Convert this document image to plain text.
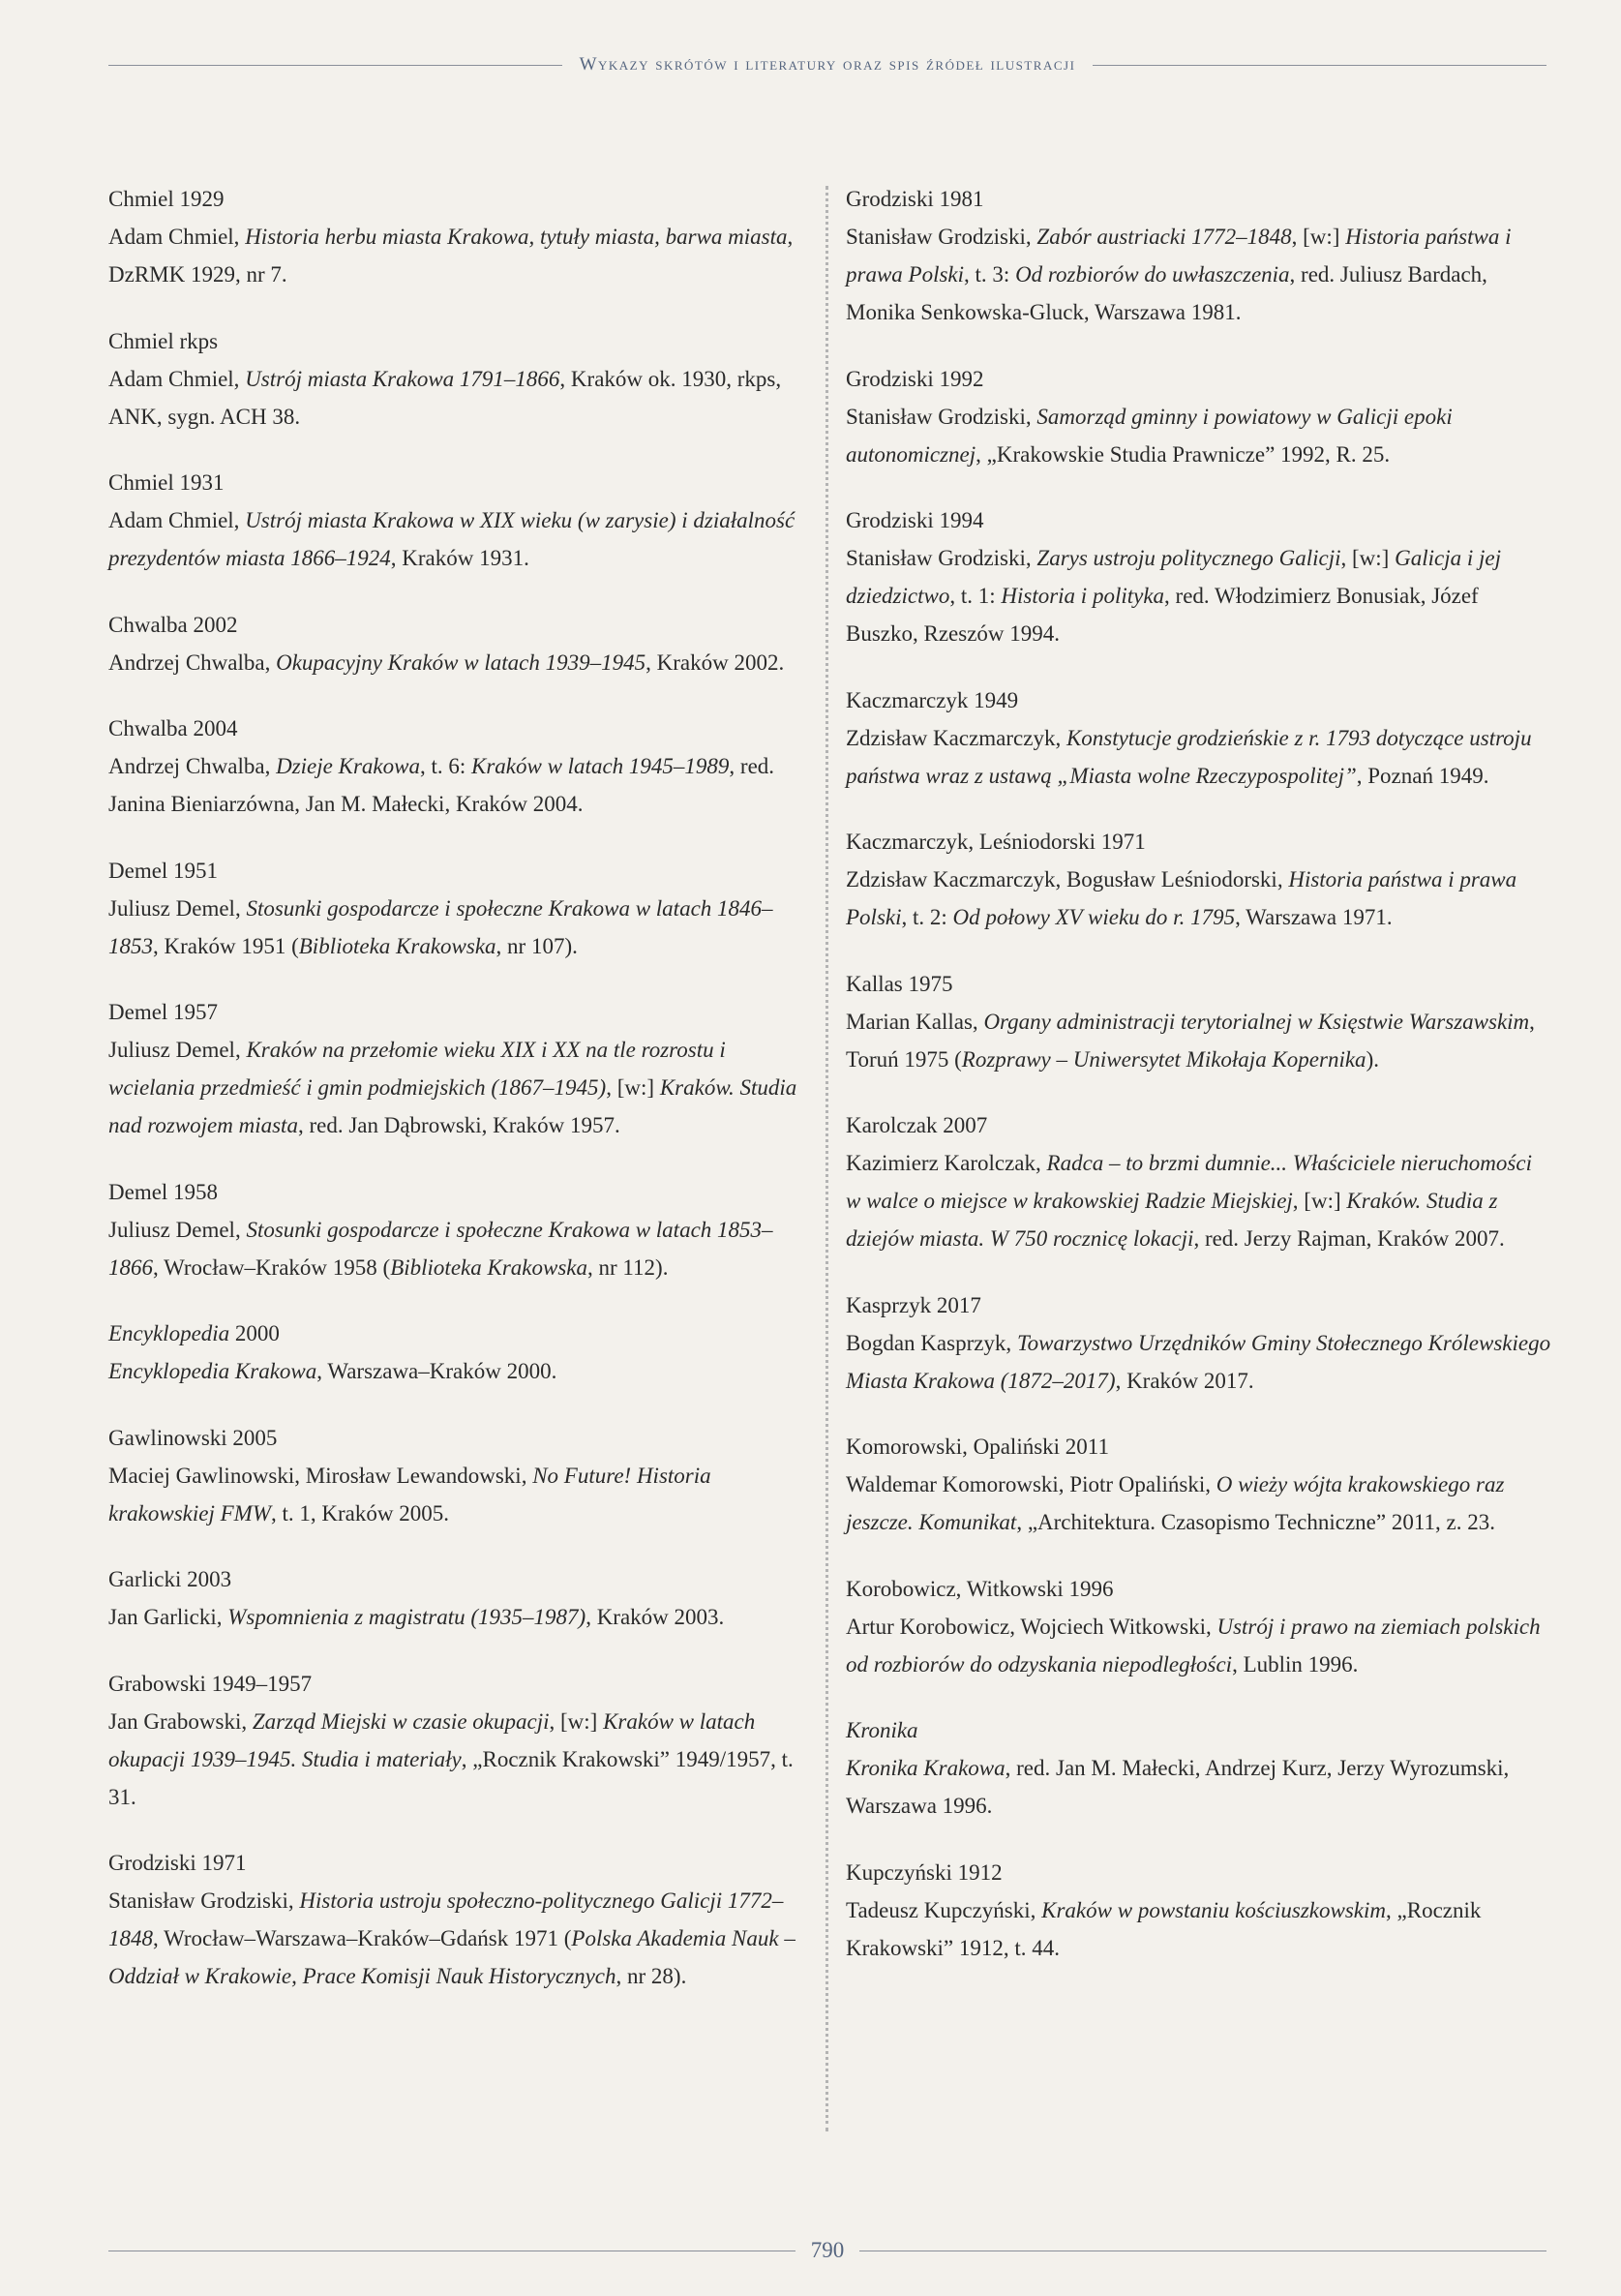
Wykazy skrótów i literatury oraz spis źródeł ilustracji
Chmiel 1929
Adam Chmiel, Historia herbu miasta Krakowa, tytuły miasta, barwa miasta, DzRMK 1929, nr 7.
Chmiel rkps
Adam Chmiel, Ustrój miasta Krakowa 1791–1866, Kraków ok. 1930, rkps, ANK, sygn. ACH 38.
Chmiel 1931
Adam Chmiel, Ustrój miasta Krakowa w XIX wieku (w zarysie) i działalność prezydentów miasta 1866–1924, Kraków 1931.
Chwalba 2002
Andrzej Chwalba, Okupacyjny Kraków w latach 1939–1945, Kraków 2002.
Chwalba 2004
Andrzej Chwalba, Dzieje Krakowa, t. 6: Kraków w latach 1945–1989, red. Janina Bieniarzówna, Jan M. Małecki, Kraków 2004.
Demel 1951
Juliusz Demel, Stosunki gospodarcze i społeczne Krakowa w latach 1846–1853, Kraków 1951 (Biblioteka Krakowska, nr 107).
Demel 1957
Juliusz Demel, Kraków na przełomie wieku XIX i XX na tle rozrostu i wcielania przedmieść i gmin podmiejskich (1867–1945), [w:] Kraków. Studia nad rozwojem miasta, red. Jan Dąbrowski, Kraków 1957.
Demel 1958
Juliusz Demel, Stosunki gospodarcze i społeczne Krakowa w latach 1853–1866, Wrocław–Kraków 1958 (Biblioteka Krakowska, nr 112).
Encyklopedia 2000
Encyklopedia Krakowa, Warszawa–Kraków 2000.
Gawlinowski 2005
Maciej Gawlinowski, Mirosław Lewandowski, No Future! Historia krakowskiej FMW, t. 1, Kraków 2005.
Garlicki 2003
Jan Garlicki, Wspomnienia z magistratu (1935–1987), Kraków 2003.
Grabowski 1949–1957
Jan Grabowski, Zarząd Miejski w czasie okupacji, [w:] Kraków w latach okupacji 1939–1945. Studia i materiały, „Rocznik Krakowski” 1949/1957, t. 31.
Grodziski 1971
Stanisław Grodziski, Historia ustroju społeczno-politycznego Galicji 1772–1848, Wrocław–Warszawa–Kraków–Gdańsk 1971 (Polska Akademia Nauk – Oddział w Krakowie, Prace Komisji Nauk Historycznych, nr 28).
Grodziski 1981
Stanisław Grodziski, Zabór austriacki 1772–1848, [w:] Historia państwa i prawa Polski, t. 3: Od rozbiorów do uwłaszczenia, red. Juliusz Bardach, Monika Senkowska-Gluck, Warszawa 1981.
Grodziski 1992
Stanisław Grodziski, Samorząd gminny i powiatowy w Galicji epoki autonomicznej, „Krakowskie Studia Prawnicze” 1992, R. 25.
Grodziski 1994
Stanisław Grodziski, Zarys ustroju politycznego Galicji, [w:] Galicja i jej dziedzictwo, t. 1: Historia i polityka, red. Włodzimierz Bonusiak, Józef Buszko, Rzeszów 1994.
Kaczmarczyk 1949
Zdzisław Kaczmarczyk, Konstytucje grodzieńskie z r. 1793 dotyczące ustroju państwa wraz z ustawą „Miasta wolne Rzeczypospolitej”, Poznań 1949.
Kaczmarczyk, Leśniodorski 1971
Zdzisław Kaczmarczyk, Bogusław Leśniodorski, Historia państwa i prawa Polski, t. 2: Od połowy XV wieku do r. 1795, Warszawa 1971.
Kallas 1975
Marian Kallas, Organy administracji terytorialnej w Księstwie Warszawskim, Toruń 1975 (Rozprawy – Uniwersytet Mikołaja Kopernika).
Karolczak 2007
Kazimierz Karolczak, Radca – to brzmi dumnie... Właściciele nieruchomości w walce o miejsce w krakowskiej Radzie Miejskiej, [w:] Kraków. Studia z dziejów miasta. W 750 rocznicę lokacji, red. Jerzy Rajman, Kraków 2007.
Kasprzyk 2017
Bogdan Kasprzyk, Towarzystwo Urzędników Gminy Stołecznego Królewskiego Miasta Krakowa (1872–2017), Kraków 2017.
Komorowski, Opaliński 2011
Waldemar Komorowski, Piotr Opaliński, O wieży wójta krakowskiego raz jeszcze. Komunikat, „Architektura. Czasopismo Techniczne” 2011, z. 23.
Korobowicz, Witkowski 1996
Artur Korobowicz, Wojciech Witkowski, Ustrój i prawo na ziemiach polskich od rozbiorów do odzyskania niepodległości, Lublin 1996.
Kronika
Kronika Krakowa, red. Jan M. Małecki, Andrzej Kurz, Jerzy Wyrozumski, Warszawa 1996.
Kupczyński 1912
Tadeusz Kupczyński, Kraków w powstaniu kościuszkowskim, „Rocznik Krakowski” 1912, t. 44.
790
